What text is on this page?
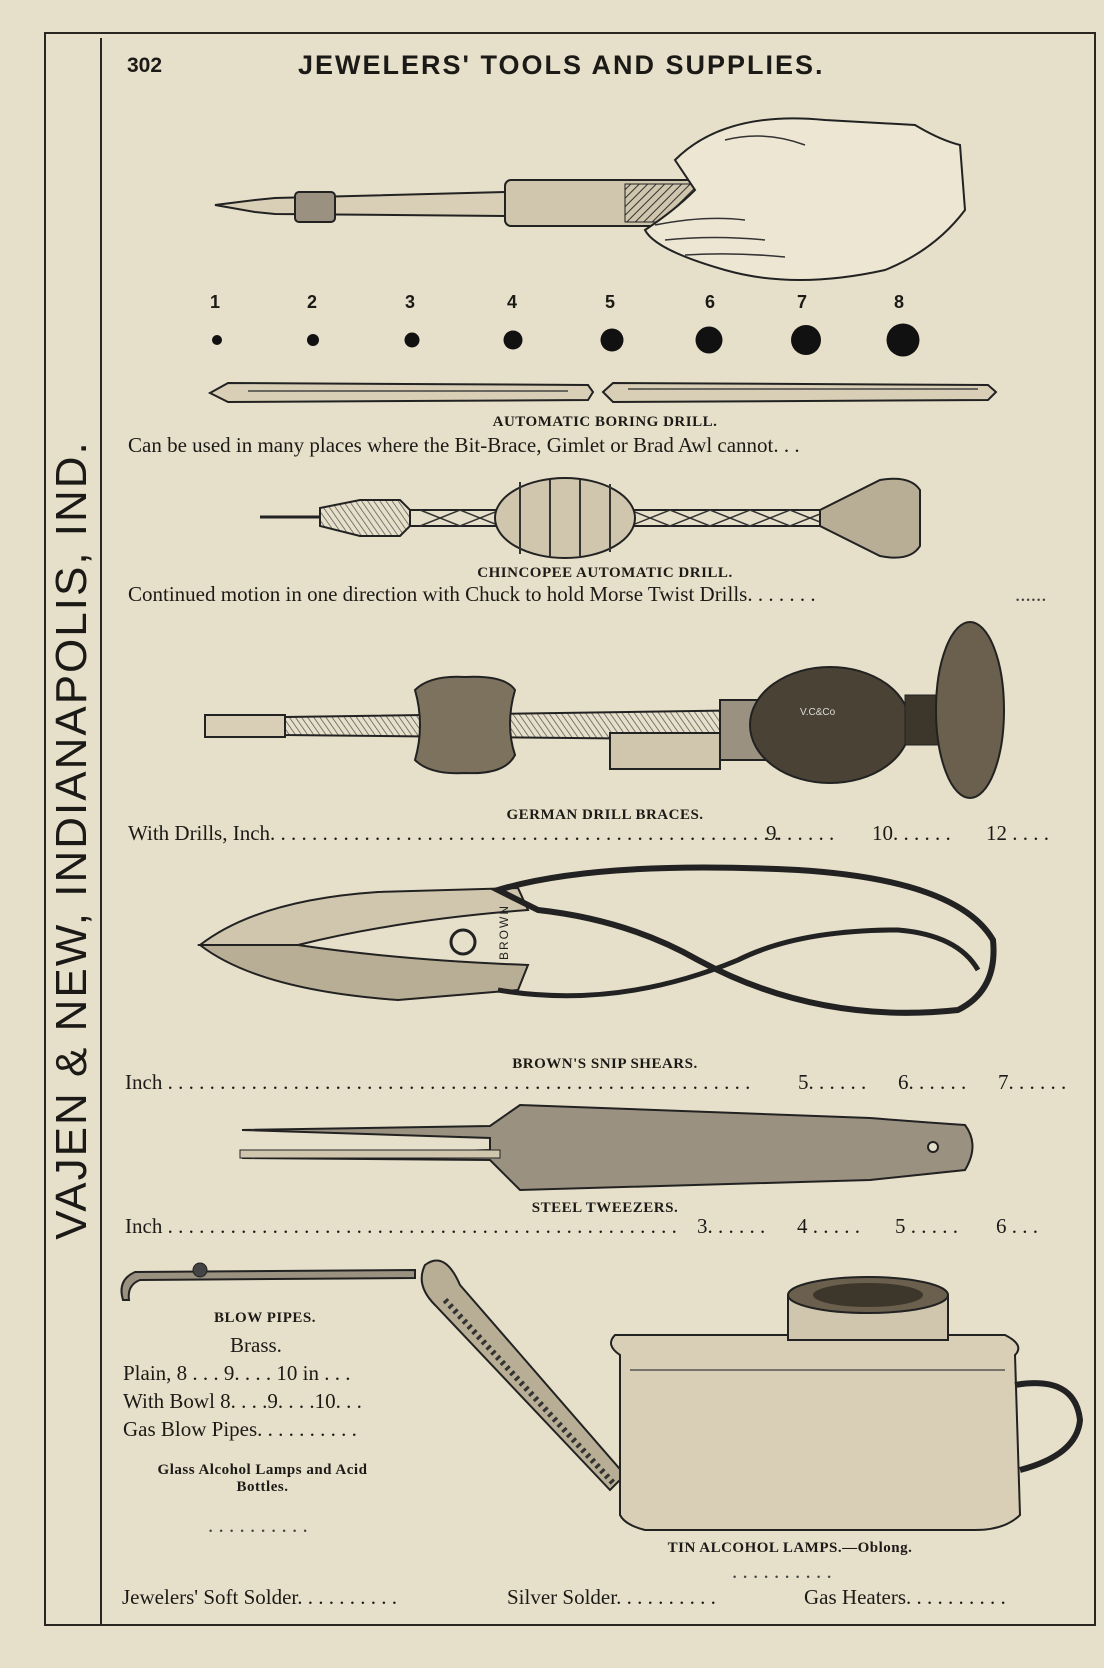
VAJEN & NEW, INDIANAPOLIS, IND.
302	JEWELERS' TOOLS AND SUPPLIES.
1	2	3	4	5	6	7	8
AUTOMATIC BORING DRILL.
Can be used in many places where the Bit-Brace, Gimlet or Brad Awl cannot. . .
CHINCOPEE AUTOMATIC DRILL.
Continued motion in one direction with Chuck to hold Morse Twist Drills. . . . . . .	......
V.C&Co
GERMAN DRILL BRACES.
With Drills, Inch. . . . . . . . . . . . . . . . . . . . . . . . . . . . . . . . . . . . . . . . . . . . . . . . .
9. . . . . . 10. . . . . . 12 . . . .
BROWN
BROWN'S SNIP SHEARS.
Inch . . . . . . . . . . . . . . . . . . . . . . . . . . . . . . . . . . . . . . . . . . . . . . . . . . . . . . . . 5. . . . . . 6. . . . . . 7. . . . . .
STEEL TWEEZERS.
Inch . . . . . . . . . . . . . . . . . . . . . . . . . . . . . . . . . . . . . . . . . . . . . . . . . 3. . . . . . 4 . . . . . 5 . . . . . 6 . . .
BLOW PIPES.
Brass.
Plain, 8 . . . 9. . . . 10 in . . .
With Bowl 8. . . .9. . . .10. . .
Gas Blow Pipes. . . . . . . . . .
Glass Alcohol Lamps and Acid Bottles.
. . . . . . . . . .
TIN ALCOHOL LAMPS.—Oblong.
. . . . . . . . . .
Jewelers' Soft Solder. . . . . . . . . .	Silver Solder. . . . . . . . . .	Gas Heaters. . . . . . . . . .
